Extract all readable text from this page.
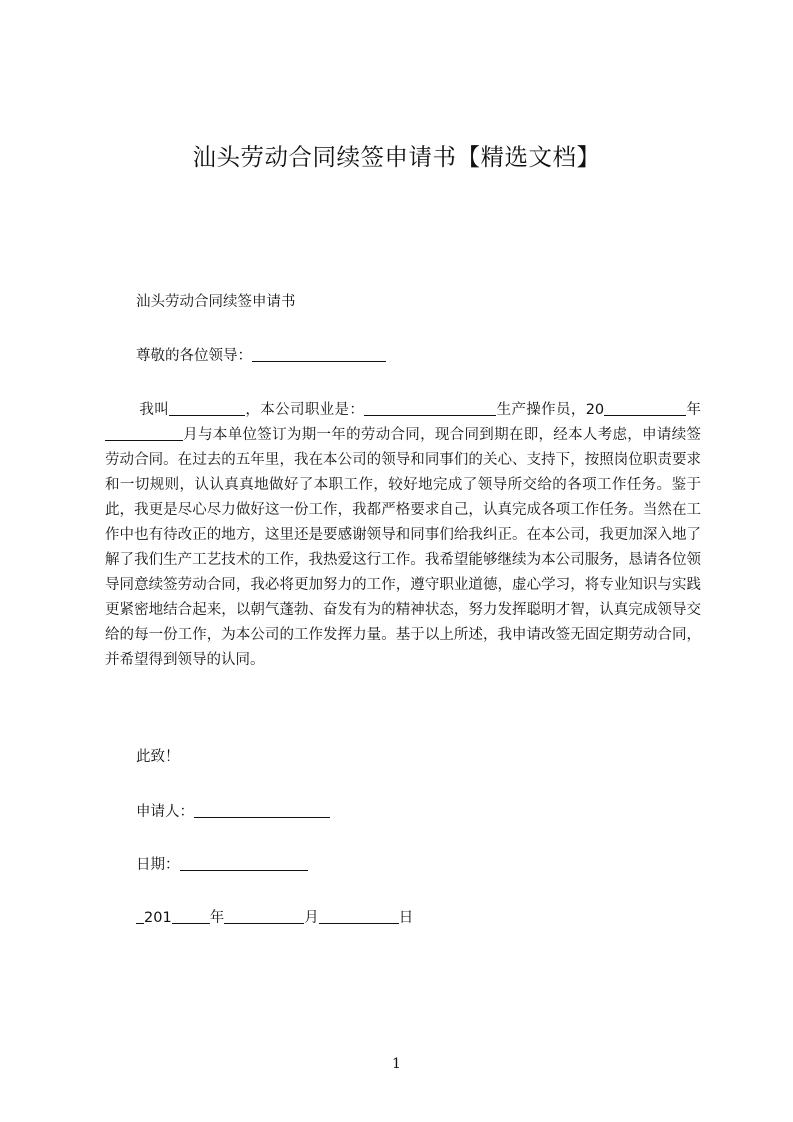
汕头劳动合同续签申请书【精选文档】
汕头劳动合同续签申请书
尊敬的各位领导：
我叫	，本公司职业是：	生产操作员，20	年月与本单位签订为期一年的劳动合同，现合同到期在即，经本人考虑，申请续签劳动合同。在过去的五年里，我在本公司的领导和同事们的关心、支持下，按照岗位职责要求和一切规则，认认真真地做好了本职工作，较好地完成了领导所交给的各项工作任务。鉴于此，我更是尽心尽力做好这一份工作，我都严格要求自己，认真完成各项工作任务。当然在工作中也有待改正的地方，这里还是要感谢领导和同事们给我纠正。在本公司，我更加深入地了解了我们生产工艺技术的工作，我热爱这行工作。我希望能够继续为本公司服务，恳请各位领导同意续签劳动合同，我必将更加努力的工作，遵守职业道德，虚心学习，将专业知识与实践更紧密地结合起来，以朝气蓬勃、奋发有为的精神状态，努力发挥聪明才智，认真完成领导交给的每一份工作，为本公司的工作发挥力量。基于以上所述，我申请改签无固定期劳动合同，并希望得到领导的认同。
此致！
申请人：
日期：
201	年	月	日
1
